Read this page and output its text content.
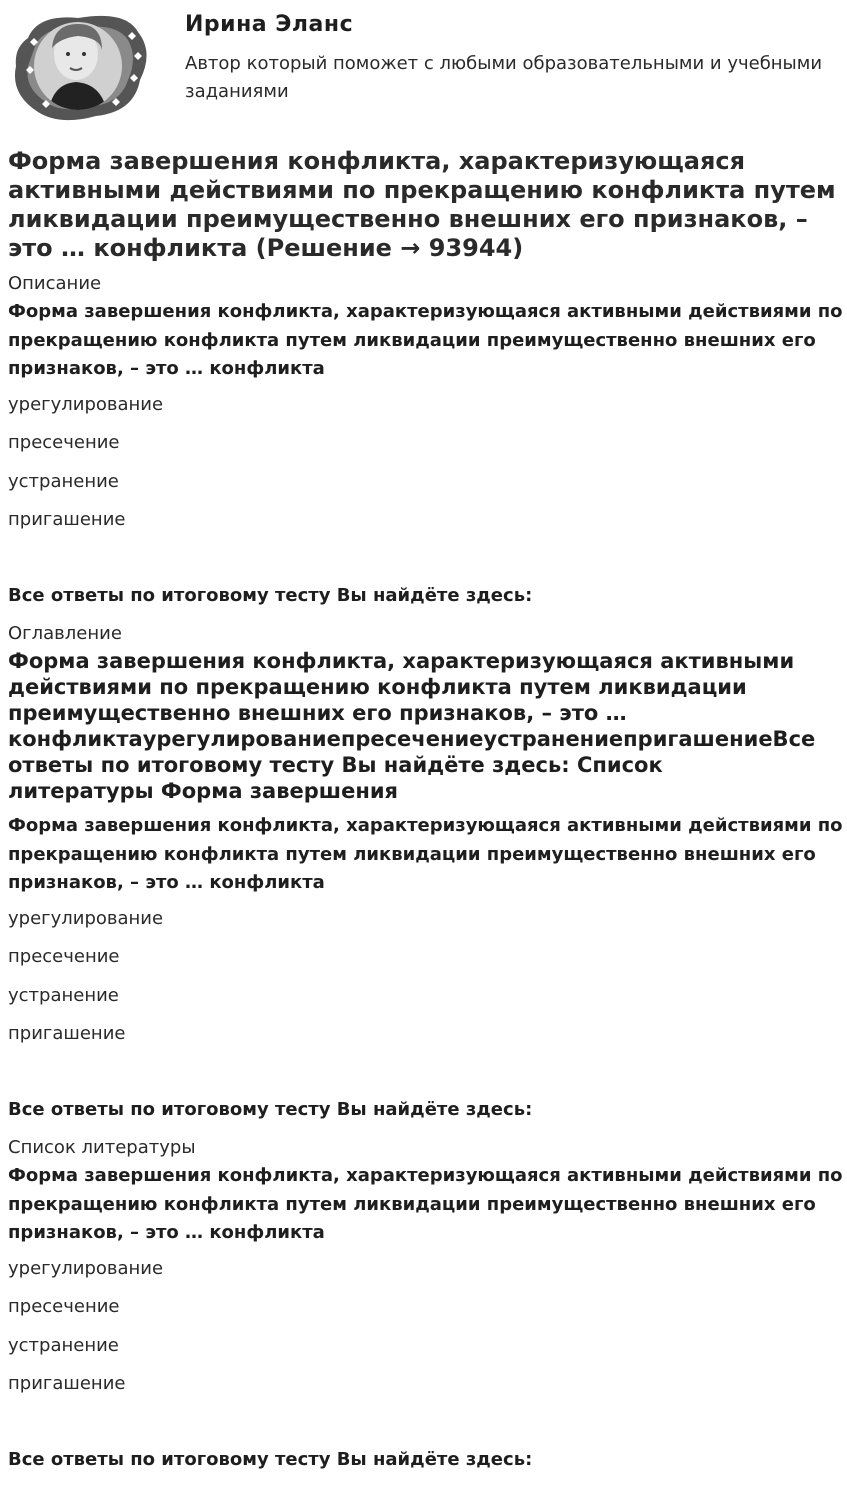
Ирина Эланс
Автор который поможет с любыми образовательными и учебными заданиями
Форма завершения конфликта, характеризующаяся активными действиями по прекращению конфликта путем ликвидации преимущественно внешних его признаков, – это … конфликта (Решение → 93944)
Описание
Форма завершения конфликта, характеризующаяся активными действиями по прекращению конфликта путем ликвидации преимущественно внешних его признаков, – это … конфликта
урегулирование
пресечение
устранение
пригашение
Все ответы по итоговому тесту Вы найдёте здесь:
Оглавление
Форма завершения конфликта, характеризующаяся активными
действиями по прекращению конфликта путем ликвидации
преимущественно внешних его признаков, – это …
конфликтаурегулированиепресечениеустранениепригашениеВсе
ответы по итоговому тесту Вы найдёте здесь: Список
литературы Форма завершения
Форма завершения конфликта, характеризующаяся активными действиями по прекращению конфликта путем ликвидации преимущественно внешних его признаков, – это … конфликта
урегулирование
пресечение
устранение
пригашение
Все ответы по итоговому тесту Вы найдёте здесь:
Список литературы
Форма завершения конфликта, характеризующаяся активными действиями по прекращению конфликта путем ликвидации преимущественно внешних его признаков, – это … конфликта
урегулирование
пресечение
устранение
пригашение
Все ответы по итоговому тесту Вы найдёте здесь:
